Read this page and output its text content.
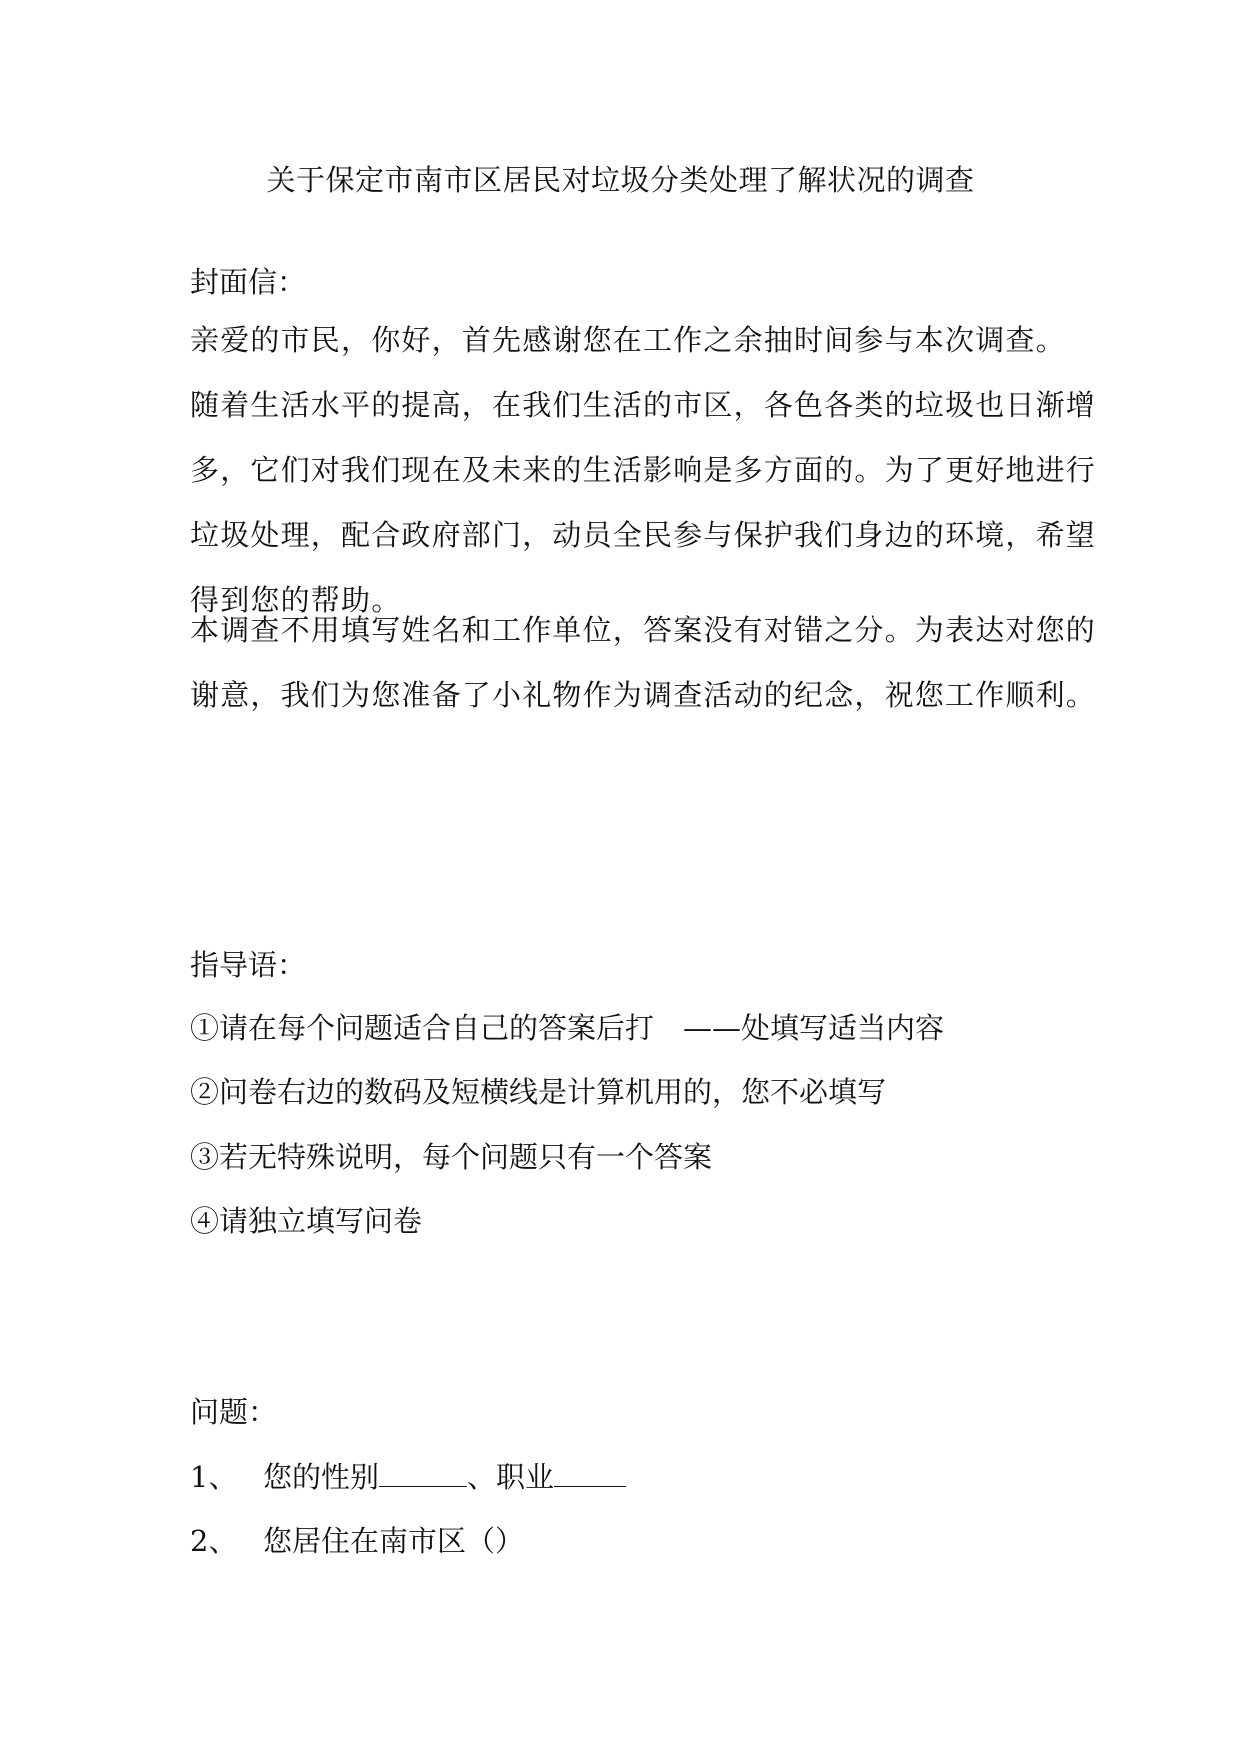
关于保定市南市区居民对垃圾分类处理了解状况的调查
封面信：
亲爱的市民，你好，首先感谢您在工作之余抽时间参与本次调查。
随着生活水平的提高，在我们生活的市区，各色各类的垃圾也日渐增
多，它们对我们现在及未来的生活影响是多方面的。为了更好地进行
垃圾处理，配合政府部门，动员全民参与保护我们身边的环境，希望
得到您的帮助。
本调查不用填写姓名和工作单位，答案没有对错之分。为表达对您的
谢意，我们为您准备了小礼物作为调查活动的纪念，祝您工作顺利。
指导语：
①请在每个问题适合自己的答案后打　——处填写适当内容
②问卷右边的数码及短横线是计算机用的，您不必填写
③若无特殊说明，每个问题只有一个答案
④请独立填写问卷
问题：
1、 您的性别	、职业
2、 您居住在南市区（）
